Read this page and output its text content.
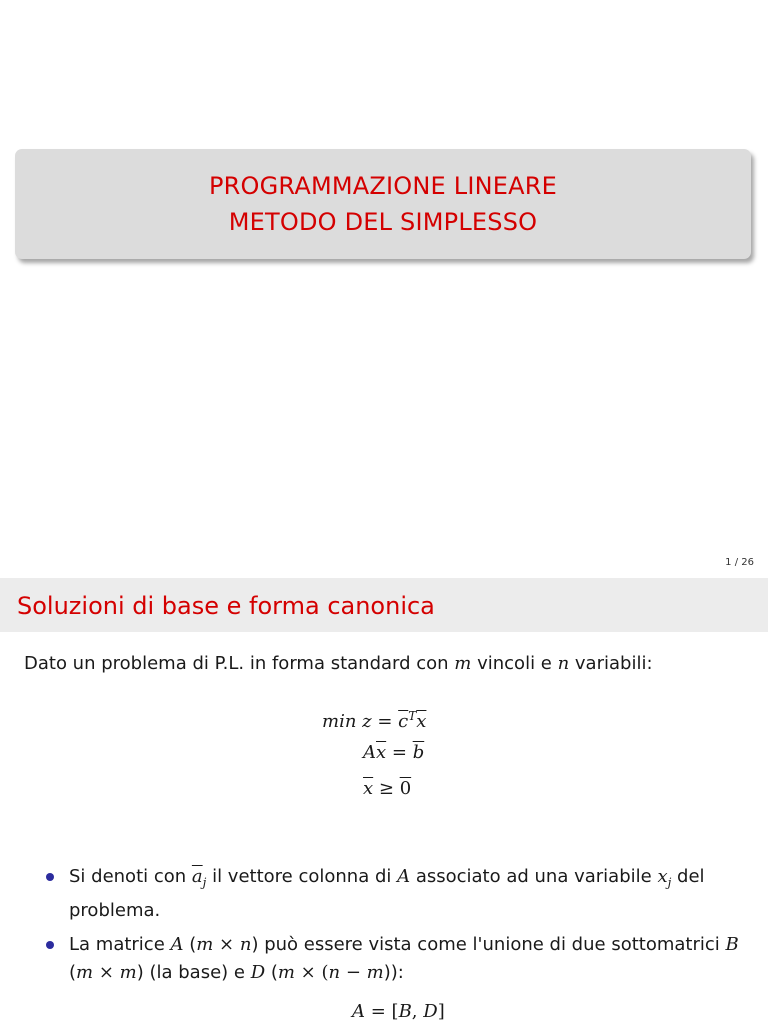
PROGRAMMAZIONE LINEARE
METODO DEL SIMPLESSO
1 / 26
Soluzioni di base e forma canonica
Dato un problema di P.L. in forma standard con m vincoli e n variabili:
$\min z = \overline{c}^T\overline{x}$
$A\overline{x} = \overline{b}$
$\overline{x} \ge 0$
Si denoti con $\overline{a}_j$ il vettore colonna di A associato ad una variabile $x_j$ del problema.
La matrice A (m × n) può essere vista come l'unione di due sottomatrici B (m × m) (la base) e D (m × (n − m)):
A = [B, D]
